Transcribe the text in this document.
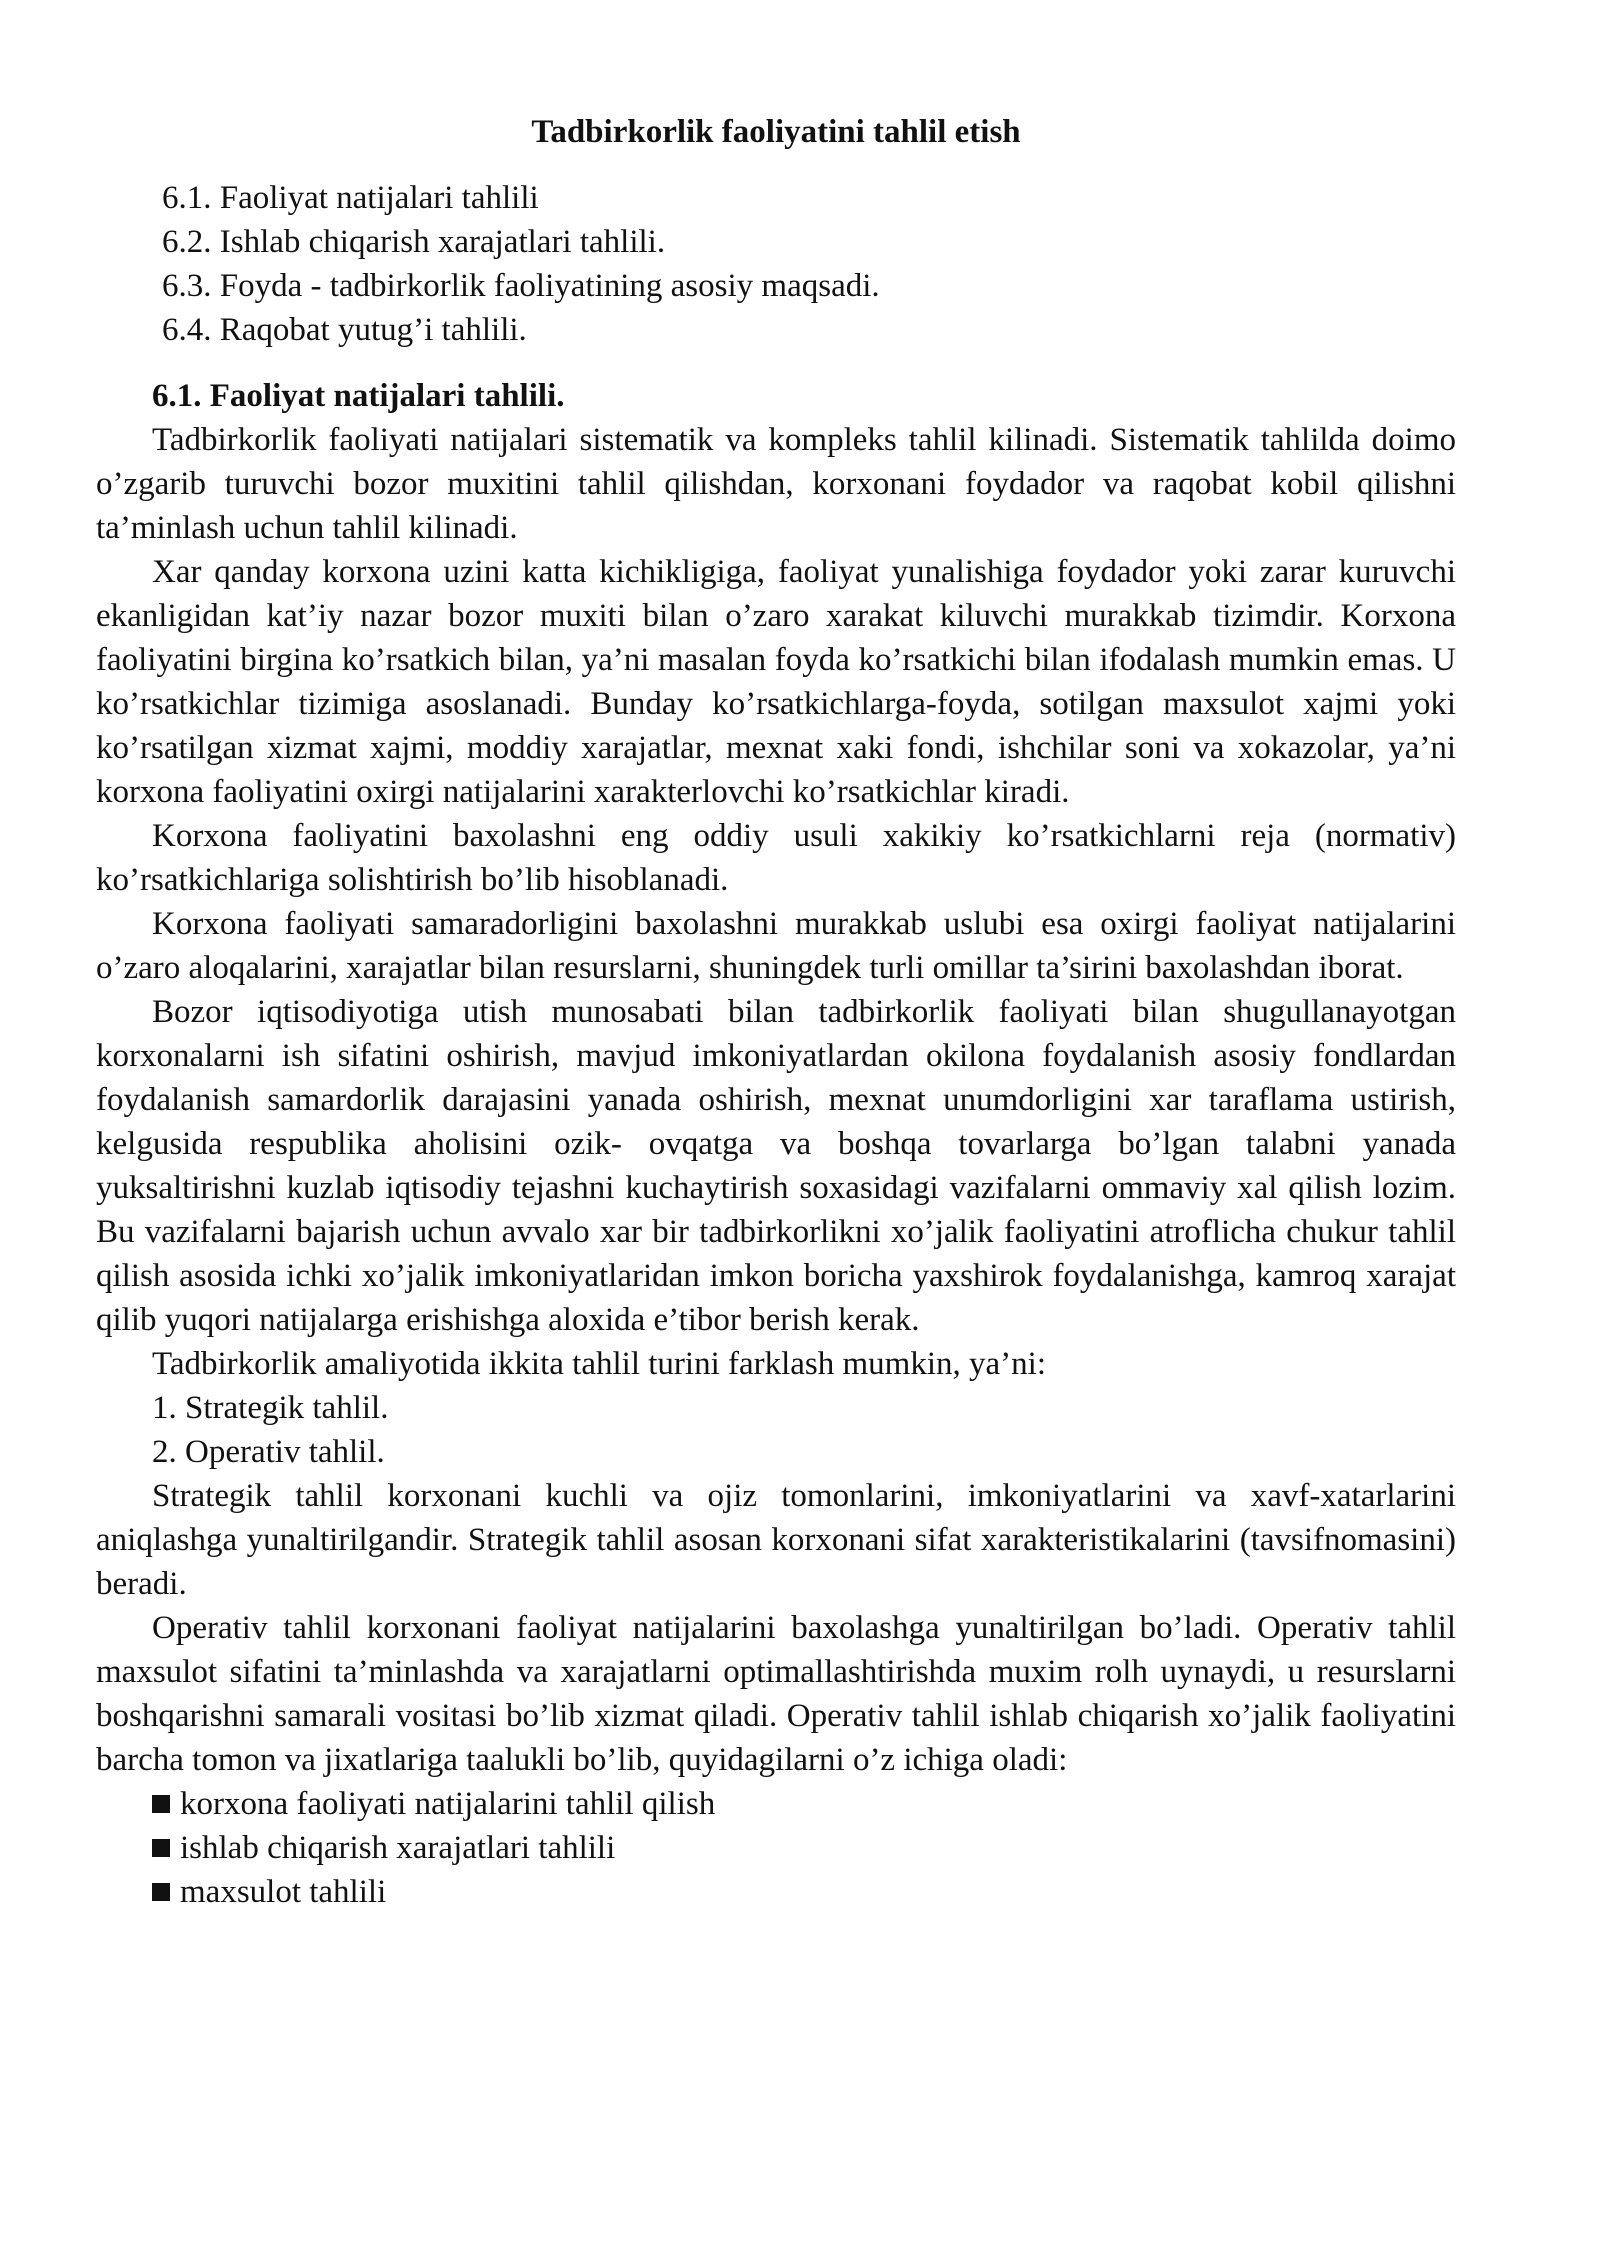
Tadbirkorlik faoliyatini tahlil etish
6.1. Faoliyat natijalari tahlili
6.2. Ishlab chiqarish xarajatlari tahlili.
6.3. Foyda - tadbirkorlik faoliyatining asosiy maqsadi.
6.4. Raqobat yutug’i tahlili.
6.1. Faoliyat natijalari tahlili.

Tadbirkorlik faoliyati natijalari sistematik va kompleks tahlil kilinadi. Sistematik tahlilda doimo o’zgarib turuvchi bozor muxitini tahlil qilishdan, korxonani foydador va raqobat kobil qilishni ta’minlash uchun tahlil kilinadi.

Xar qanday korxona uzini katta kichikligiga, faoliyat yunalishiga foydador yoki zarar kuruvchi ekanligidan kat’iy nazar bozor muxiti bilan o’zaro xarakat kiluvchi murakkab tizimdir. Korxona faoliyatini birgina ko’rsatkich bilan, ya’ni masalan foyda ko’rsatkichi bilan ifodalash mumkin emas. U ko’rsatkichlar tizimiga asoslanadi. Bunday ko’rsatkichlarga-foyda, sotilgan maxsulot xajmi yoki ko’rsatilgan xizmat xajmi, moddiy xarajatlar, mexnat xaki fondi, ishchilar soni va xokazolar, ya’ni korxona faoliyatini oxirgi natijalarini xarakterlovchi ko’rsatkichlar kiradi.

Korxona faoliyatini baxolashni eng oddiy usuli xakikiy ko’rsatkichlarni reja (normativ) ko’rsatkichlariga solishtirish bo’lib hisoblanadi.

Korxona faoliyati samaradorligini baxolashni murakkab uslubi esa oxirgi faoliyat natijalarini o’zaro aloqalarini, xarajatlar bilan resurslarni, shuningdek turli omillar ta’sirini baxolashdan iborat.

Bozor iqtisodiyotiga utish munosabati bilan tadbirkorlik faoliyati bilan shugullanayotgan korxonalarni ish sifatini oshirish, mavjud imkoniyatlardan okilona foydalanish asosiy fondlardan foydalanish samardorlik darajasini yanada oshirish, mexnat unumdorligini xar taraflama ustirish, kelgusida respublika aholisini ozik- ovqatga va boshqa tovarlarga bo’lgan talabni yanada yuksaltirishni kuzlab iqtisodiy tejashni kuchaytirish soxasidagi vazifalarni ommaviy xal qilish lozim. Bu vazifalarni bajarish uchun avvalo xar bir tadbirkorlikni xo’jalik faoliyatini atroflicha chukur tahlil qilish asosida ichki xo’jalik imkoniyatlaridan imkon boricha yaxshirok foydalanishga, kamroq xarajat qilib yuqori natijalarga erishishga aloxida e’tibor berish kerak.

Tadbirkorlik amaliyotida ikkita tahlil turini farklash mumkin, ya’ni:

1. Strategik tahlil.
2. Operativ tahlil.

Strategik tahlil korxonani kuchli va ojiz tomonlarini, imkoniyatlarini va xavf-xatarlarini aniqlashga yunaltirilgandir. Strategik tahlil asosan korxonani sifat xarakteristikalarini (tavsifnomasini) beradi.

Operativ tahlil korxonani faoliyat natijalarini baxolashga yunaltirilgan bo’ladi. Operativ tahlil maxsulot sifatini ta’minlashda va xarajatlarni optimallashtirishda muxim rolh uynaydi, u resurslarni boshqarishni samarali vositasi bo’lib xizmat qiladi. Operativ tahlil ishlab chiqarish xo’jalik faoliyatini barcha tomon va jixatlariga taalukli bo’lib, quyidagilarni o’z ichiga oladi:

korxona faoliyati natijalarini tahlil qilish
ishlab chiqarish xarajatlari tahlili
maxsulot tahlili
